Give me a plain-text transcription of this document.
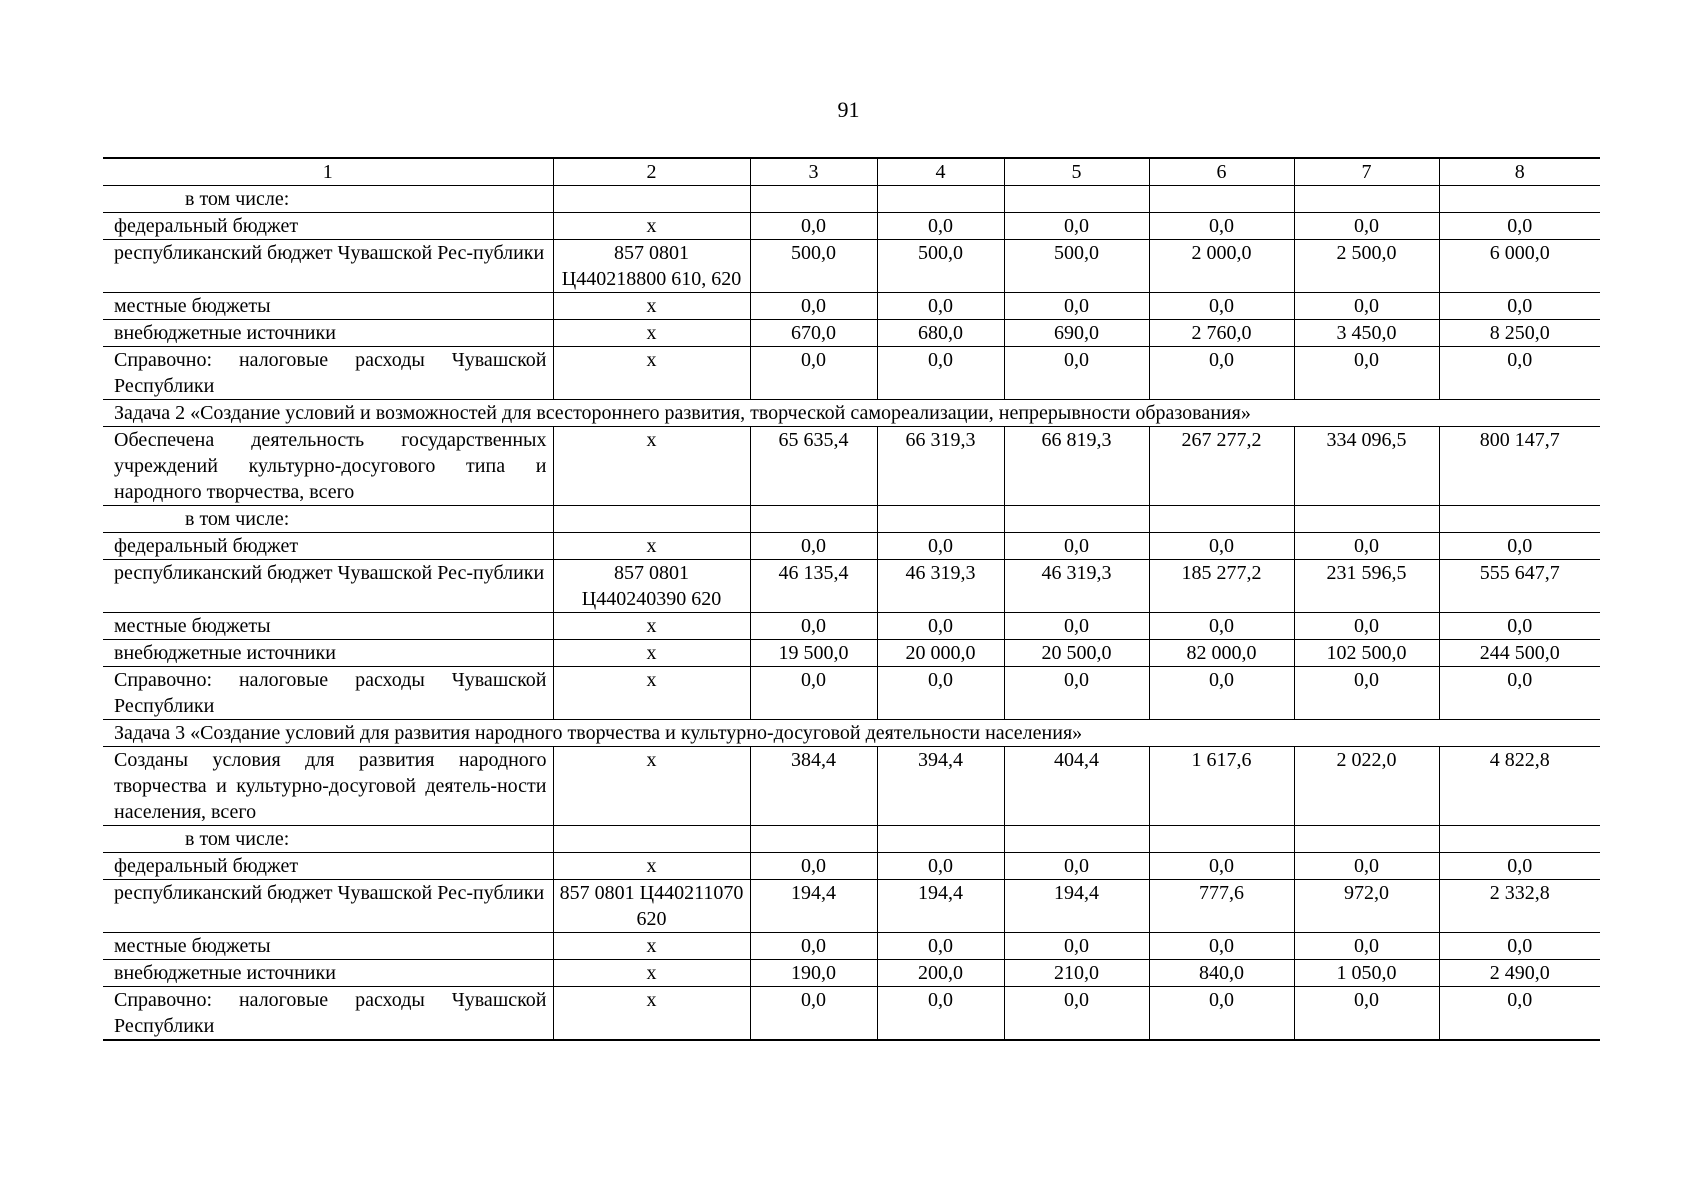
91
1	2	3	4	5	6	7	8
в том числе:							
федеральный бюджет	х	0,0	0,0	0,0	0,0	0,0	0,0
республиканский бюджет Чувашской Рес-публики	857 0801 Ц440218800 610, 620	500,0	500,0	500,0	2 000,0	2 500,0	6 000,0
местные бюджеты	х	0,0	0,0	0,0	0,0	0,0	0,0
внебюджетные источники	х	670,0	680,0	690,0	2 760,0	3 450,0	8 250,0
Справочно: налоговые расходы Чувашской Республики	х	0,0	0,0	0,0	0,0	0,0	0,0
Задача 2 «Создание условий и возможностей для всестороннего развития, творческой самореализации, непрерывности образования»							
Обеспечена деятельность государственных учреждений культурно-досугового типа и народного творчества, всего	х	65 635,4	66 319,3	66 819,3	267 277,2	334 096,5	800 147,7
в том числе:							
федеральный бюджет	х	0,0	0,0	0,0	0,0	0,0	0,0
республиканский бюджет Чувашской Рес-публики	857 0801 Ц440240390 620	46 135,4	46 319,3	46 319,3	185 277,2	231 596,5	555 647,7
местные бюджеты	х	0,0	0,0	0,0	0,0	0,0	0,0
внебюджетные источники	х	19 500,0	20 000,0	20 500,0	82 000,0	102 500,0	244 500,0
Справочно: налоговые расходы Чувашской Республики	х	0,0	0,0	0,0	0,0	0,0	0,0
Задача 3 «Создание условий для развития народного творчества и культурно-досуговой деятельности населения»							
Созданы условия для развития народного творчества и культурно-досуговой деятель-ности населения, всего	х	384,4	394,4	404,4	1 617,6	2 022,0	4 822,8
в том числе:							
федеральный бюджет	х	0,0	0,0	0,0	0,0	0,0	0,0
республиканский бюджет Чувашской Рес-публики	857 0801 Ц440211070 620	194,4	194,4	194,4	777,6	972,0	2 332,8
местные бюджеты	х	0,0	0,0	0,0	0,0	0,0	0,0
внебюджетные источники	х	190,0	200,0	210,0	840,0	1 050,0	2 490,0
Справочно: налоговые расходы Чувашской Республики	х	0,0	0,0	0,0	0,0	0,0	0,0
